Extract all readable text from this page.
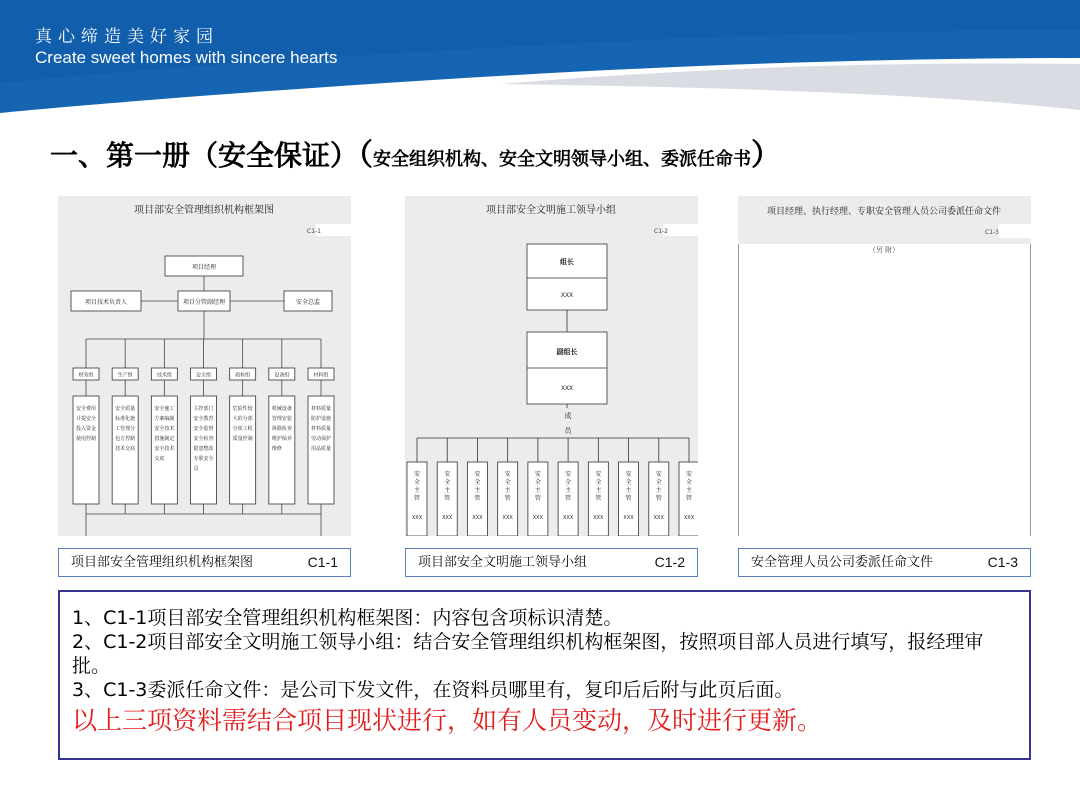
真心缔造美好家园
Create sweet homes with sincere hearts
一、第一册（安全保证）（安全组织机构、安全文明领导小组、委派任命书）
项目部安全管理组织机构框架图
C1-1
项目经理
项目技术负责人	项目分管副经理	安全总监
财务组
安全费用计提安全投入资金使用控制
生产组
安全质量标准化施工管理分包方控制技术交底
技术组
安全施工方案编制安全技术措施制定安全技术交底
安全组
主控部门安全教育安全监督安全检查隐患整改专职安全员
质检组
危险性较大的分部分项工程质量控制
设备组
机械设备管理安装拆除检查维护保养维修
材料组
材料质量防护设施材料质量劳动保护用品质量
项目部安全文明施工领导小组
C1-2
组长
XXX
副组长
XXX
成员
安全主管
XXX
安全主管
XXX
安全主管
XXX
安全主管
XXX
安全主管
XXX
安全主管
XXX
安全主管
XXX
安全主管
XXX
安全主管
XXX
安全主管
XXX
项目经理、执行经理、专职安全管理人员公司委派任命文件
C1-3
（另 附）
项目部安全管理组织机构框架图	C1-1	项目部安全文明施工领导小组	C1-2	安全管理人员公司委派任命文件	C1-3
1、C1-1项目部安全管理组织机构框架图：内容包含项标识清楚。
2、C1-2项目部安全文明施工领导小组：结合安全管理组织机构框架图，按照项目部人员进行填写，报经理审批。
3、C1-3委派任命文件：是公司下发文件，在资料员哪里有，复印后后附与此页后面。
以上三项资料需结合项目现状进行，如有人员变动，及时进行更新。
